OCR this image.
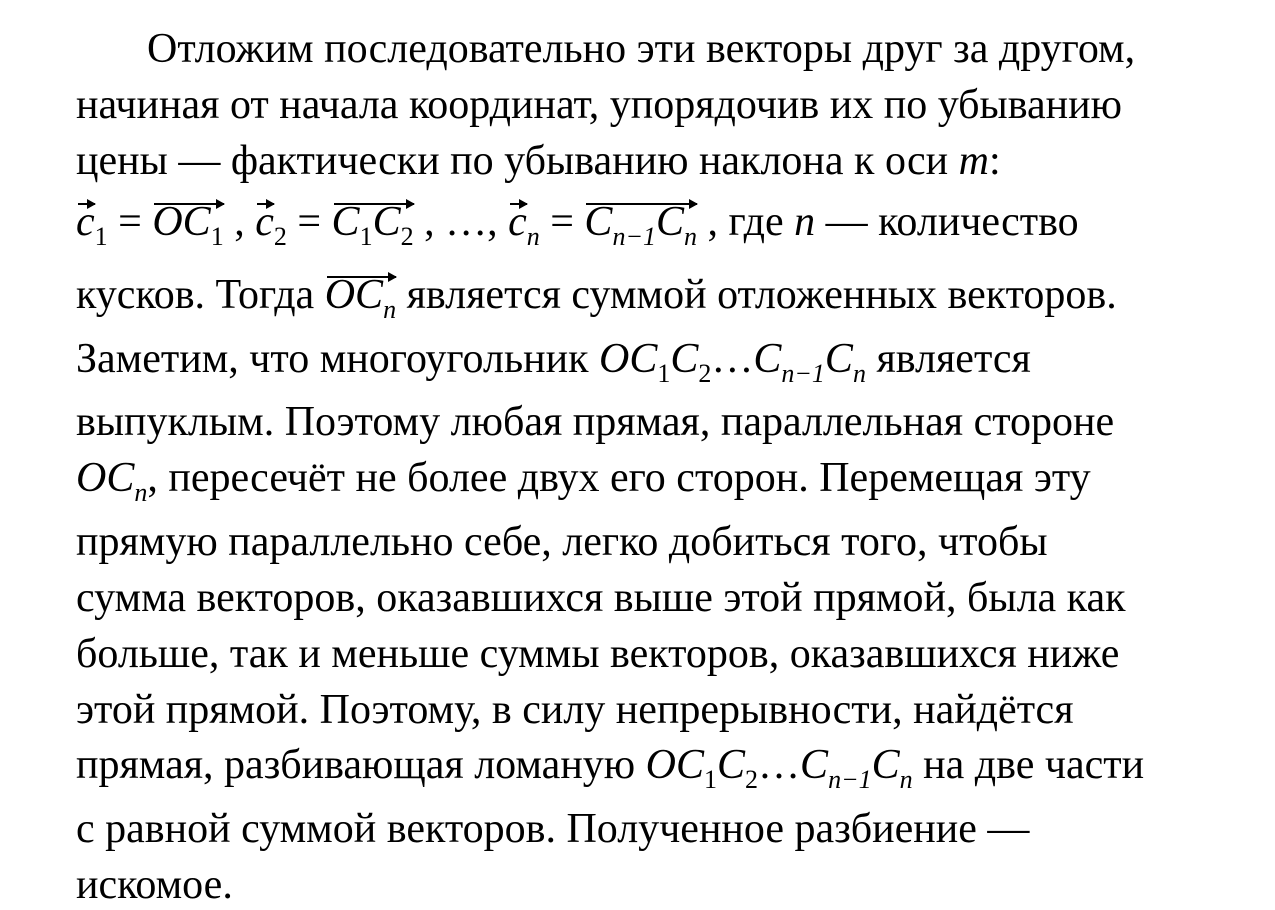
Отложим последовательно эти векторы друг за другом,
начиная от начала координат, упорядочив их по убыванию
цены — фактически по убыванию наклона к оси m:
$c_1 = OC_1$ , $c_2 = C_1C_2$ , …, $c_n = C_{n-1}C_n$ , где n — количество
кусков. Тогда $OC_n$ является суммой отложенных векторов.
Заметим, что многоугольник $OC_1C_2\dots C_{n-1}C_n$ является
выпуклым. Поэтому любая прямая, параллельная стороне
$OC_n$, пересечёт не более двух его сторон. Перемещая эту
прямую параллельно себе, легко добиться того, чтобы
сумма векторов, оказавшихся выше этой прямой, была как
больше, так и меньше суммы векторов, оказавшихся ниже
этой прямой. Поэтому, в силу непрерывности, найдётся
прямая, разбивающая ломаную $OC_1C_2\dots C_{n-1}C_n$ на две части
с равной суммой векторов. Полученное разбиение —
искомое.
